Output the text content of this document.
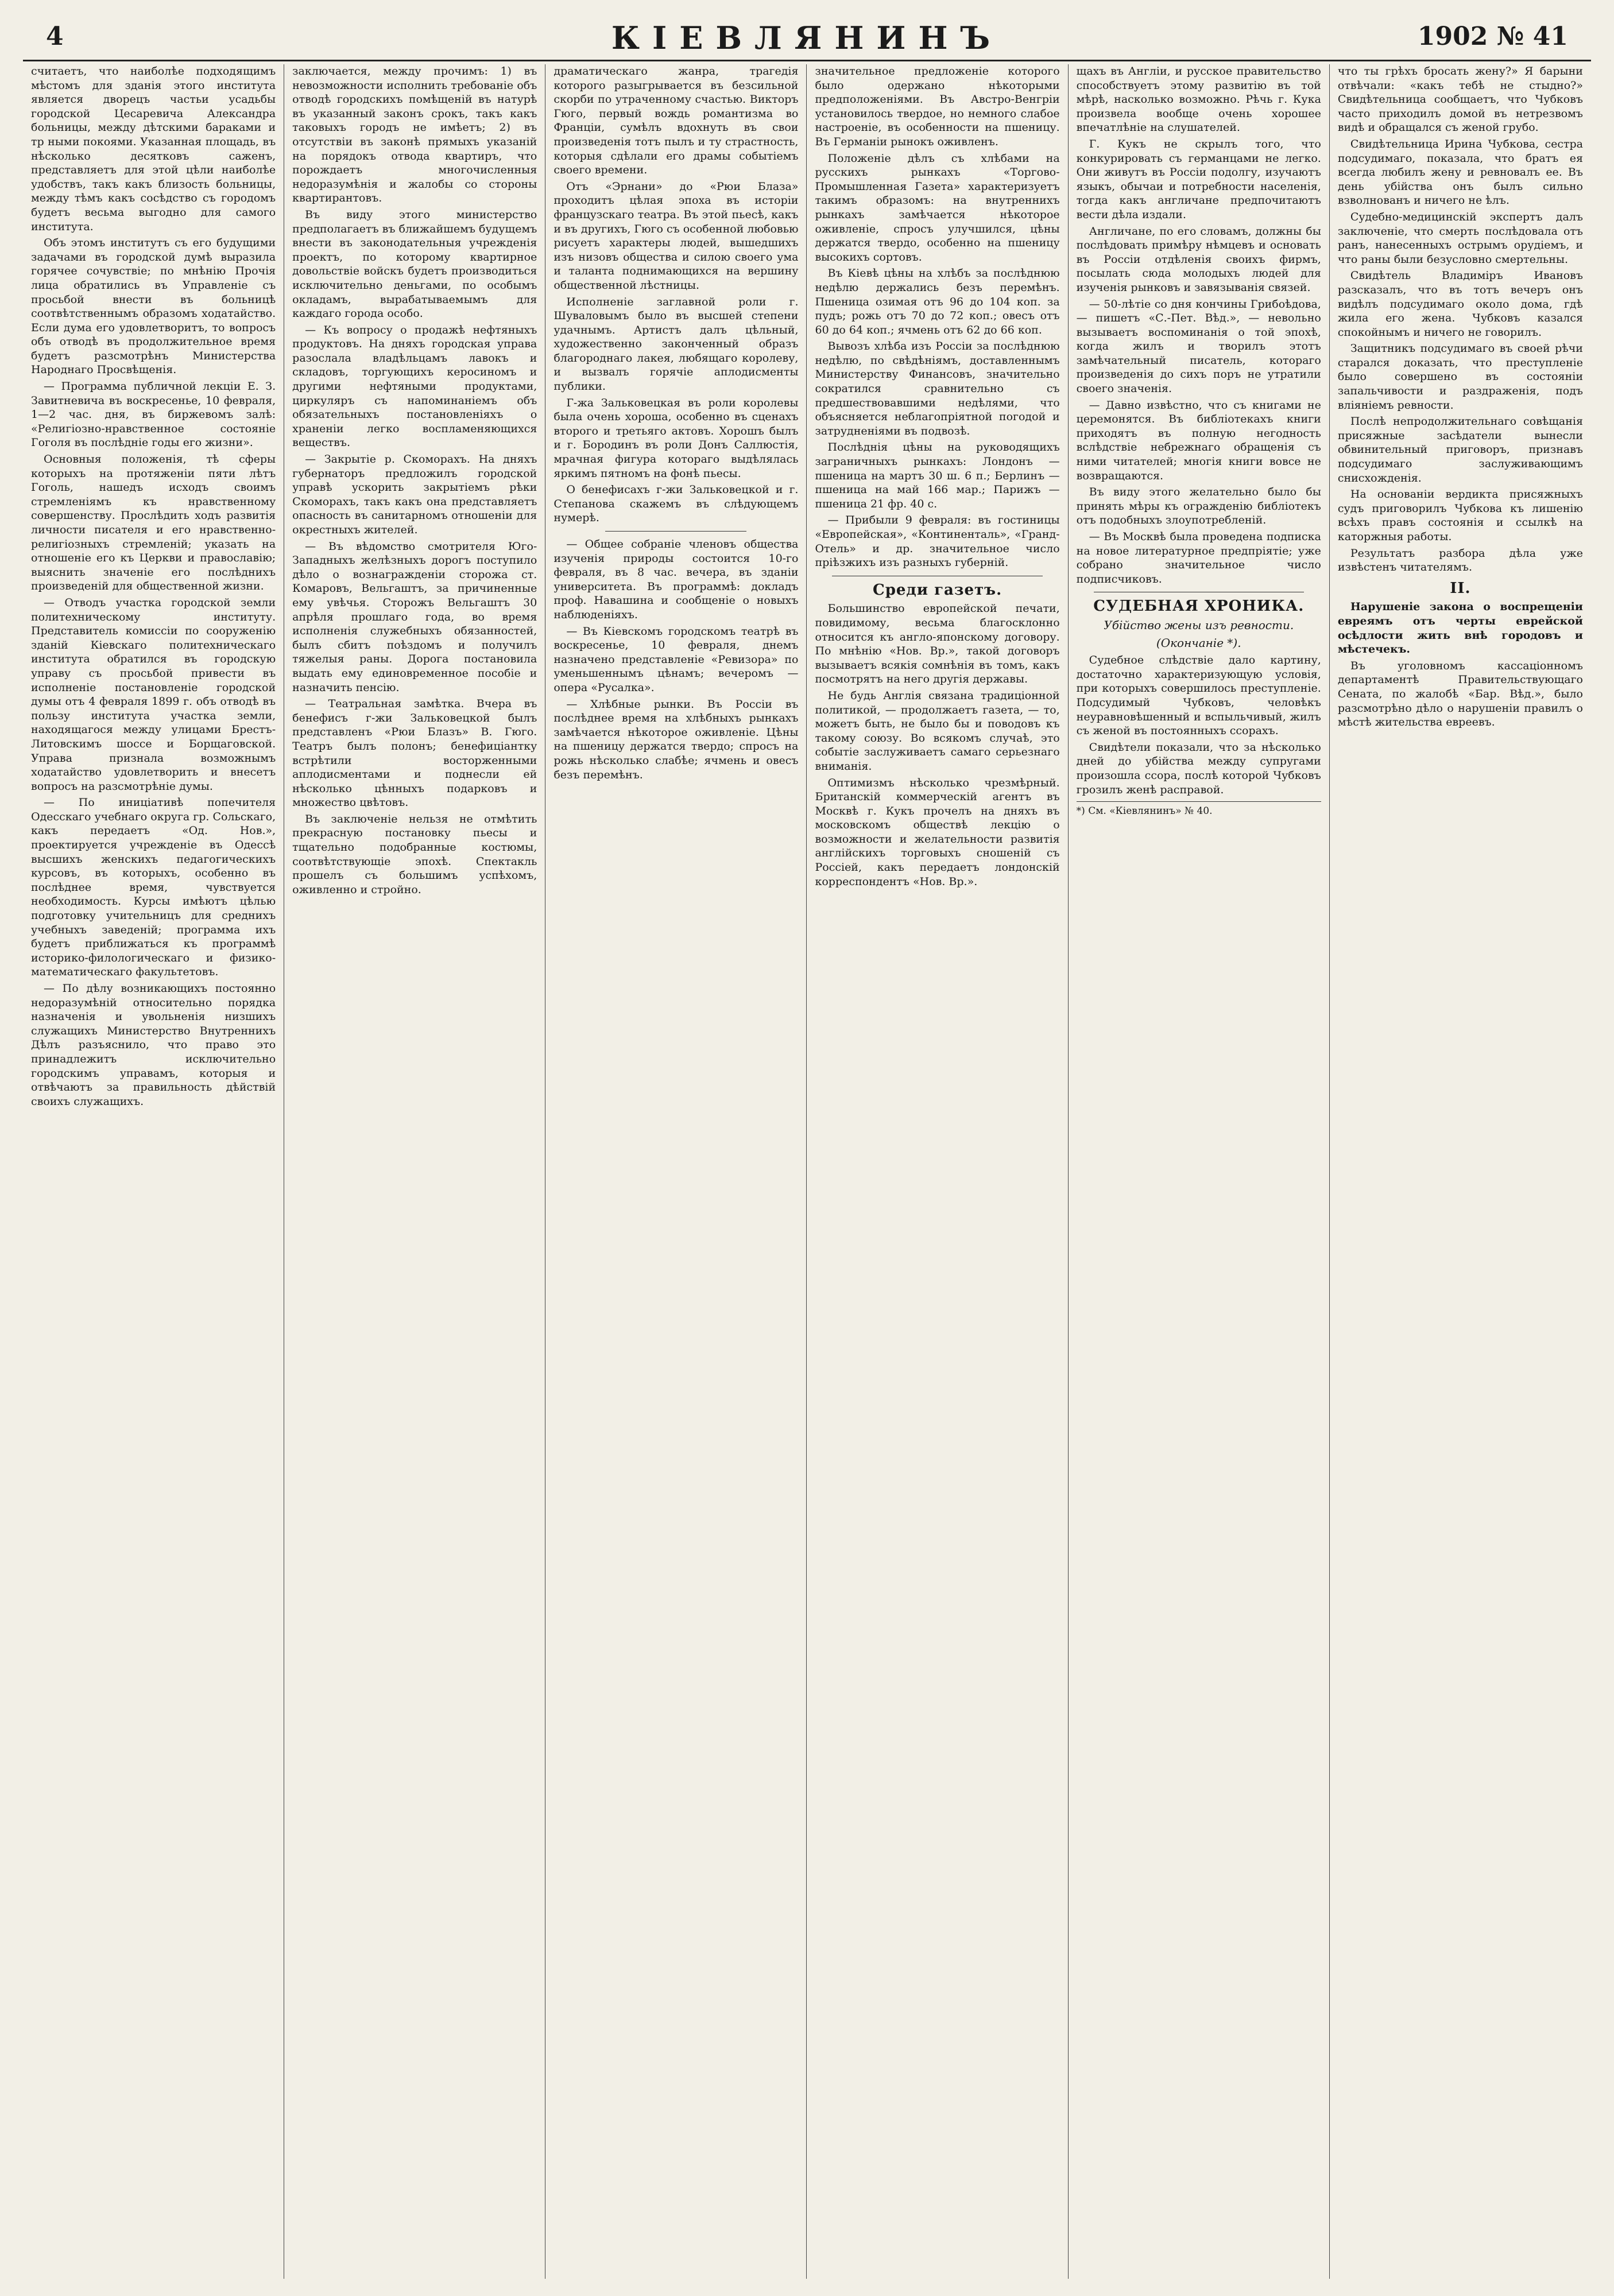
4	КІЕВЛЯНИНЪ	1902 № 41

считаетъ, что наиболѣе подходящимъ мѣстомъ для зданія этого института является дворецъ частьи усадьбы городской Цесаревича Александра больницы, между дѣтскими бараками и тр ными покоями. Указанная площадь, въ нѣсколько десятковъ саженъ, представляетъ для этой цѣли наиболѣе удобствъ, такъ какъ близость больницы, между тѣмъ какъ сосѣдство съ городомъ будетъ весьма выгодно для самого института.

Объ этомъ институтъ съ его будущими задачами въ городской думѣ выразила горячее сочувствіе; по мнѣнію Прочія лица обратились въ Управленіе съ просьбой внести въ больницѣ соотвѣтственнымъ образомъ ходатайство. Если дума его удовлетворитъ, то вопросъ объ отводѣ въ продолжительное время будетъ разсмотрѣнъ Министерства Народнаго Просвѣщенія.

— Программа публичной лекціи Е. З. Завитневича въ воскресенье, 10 февраля, 1—2 час. дня, въ биржевомъ залѣ: «Религіозно-нравственное состояніе Гоголя въ послѣдніе годы его жизни».

Основныя положенія, тѣ сферы которыхъ на протяженіи пяти лѣтъ Гоголь, нашедъ исходъ своимъ стремленіямъ къ нравственному совершенству. Прослѣдить ходъ развитія личности писателя и его нравственно-религіозныхъ стремленій; указать на отношеніе его къ Церкви и православію; выяснить значеніе его послѣднихъ произведеній для общественной жизни.

— Отводъ участка городской земли политехническому институту. Представитель комиссіи по сооруженію зданій Кіевскаго политехническаго института обратился въ городскую управу съ просьбой привести въ исполненіе постановленіе городской думы отъ 4 февраля 1899 г. объ отводѣ въ пользу института участка земли, находящагося между улицами Брестъ-Литовскимъ шоссе и Борщаговской. Управа признала возможнымъ ходатайство удовлетворить и внесетъ вопросъ на разсмотрѣніе думы.

— По иниціативѣ попечителя Одесскаго учебнаго округа гр. Сольскаго, какъ передаетъ «Од. Нов.», проектируется учрежденіе въ Одессѣ высшихъ женскихъ педагогическихъ курсовъ, въ которыхъ, особенно въ послѣднее время, чувствуется необходимость. Курсы имѣютъ цѣлью подготовку учительницъ для среднихъ учебныхъ заведеній; программа ихъ будетъ приближаться къ программѣ историко-филологическаго и физико-математическаго факультетовъ.

— По дѣлу возникающихъ постоянно недоразумѣній относительно порядка назначенія и увольненія низшихъ служащихъ Министерство Внутреннихъ Дѣлъ разъяснило, что право это принадлежитъ исключительно городскимъ управамъ, которыя и отвѣчаютъ за правильность дѣйствій своихъ служащихъ.

заключается, между прочимъ: 1) въ невозможности исполнить требованіе объ отводѣ городскихъ помѣщеній въ натурѣ въ указанный законъ срокъ, такъ какъ таковыхъ городъ не имѣетъ; 2) въ отсутствіи въ законѣ прямыхъ указаній на порядокъ отвода квартиръ, что порождаетъ многочисленныя недоразумѣнія и жалобы со стороны квартирантовъ.

Въ виду этого министерство предполагаетъ въ ближайшемъ будущемъ внести въ законодательныя учрежденія проектъ, по которому квартирное довольствіе войскъ будетъ производиться исключительно деньгами, по особымъ окладамъ, вырабатываемымъ для каждаго города особо.

— Къ вопросу о продажѣ нефтяныхъ продуктовъ. На дняхъ городская управа разослала владѣльцамъ лавокъ и складовъ, торгующихъ керосиномъ и другими нефтяными продуктами, циркуляръ съ напоминаніемъ объ обязательныхъ постановленіяхъ о храненіи легко воспламеняющихся веществъ.

— Закрытіе р. Скоморахъ. На дняхъ губернаторъ предложилъ городской управѣ ускорить закрытіемъ рѣки Скоморахъ, такъ какъ она представляетъ опасность въ санитарномъ отношеніи для окрестныхъ жителей.

— Въ вѣдомство смотрителя Юго-Западныхъ желѣзныхъ дорогъ поступило дѣло о вознагражденіи сторожа ст. Комаровъ, Вельгаштъ, за причиненные ему увѣчья. Сторожъ Вельгаштъ 30 апрѣля прошлаго года, во время исполненія служебныхъ обязанностей, былъ сбитъ поѣздомъ и получилъ тяжелыя раны. Дорога постановила выдать ему единовременное пособіе и назначить пенсію.

— Театральная замѣтка. Вчера въ бенефисъ г-жи Зальковецкой былъ представленъ «Рюи Блазъ» В. Гюго. Театръ былъ полонъ; бенефиціантку встрѣтили восторженными аплодисментами и поднесли ей нѣсколько цѣнныхъ подарковъ и множество цвѣтовъ.

Въ заключеніе нельзя не отмѣтить прекрасную постановку пьесы и тщательно подобранные костюмы, соотвѣтствующіе эпохѣ. Спектакль прошелъ съ большимъ успѣхомъ, оживленно и стройно.

драматическаго жанра, трагедія которого разыгрывается въ безсильной скорби по утраченному счастью. Викторъ Гюго, первый вождь романтизма во Франціи, сумѣлъ вдохнуть въ свои произведенія тотъ пылъ и ту страстность, которыя сдѣлали его драмы событіемъ своего времени.

Отъ «Эрнани» до «Рюи Блаза» проходитъ цѣлая эпоха въ исторіи французскаго театра. Въ этой пьесѣ, какъ и въ другихъ, Гюго съ особенной любовью рисуетъ характеры людей, вышедшихъ изъ низовъ общества и силою своего ума и таланта поднимающихся на вершину общественной лѣстницы.

Исполненіе заглавной роли г. Шуваловымъ было въ высшей степени удачнымъ. Артистъ далъ цѣльный, художественно законченный образъ благороднаго лакея, любящаго королеву, и вызвалъ горячіе аплодисменты публики.

Г-жа Зальковецкая въ роли королевы была очень хороша, особенно въ сценахъ второго и третьяго актовъ. Хорошъ былъ и г. Бородинъ въ роли Донъ Саллюстія, мрачная фигура котораго выдѣлялась яркимъ пятномъ на фонѣ пьесы.

О бенефисахъ г-жи Зальковецкой и г. Степанова скажемъ въ слѣдующемъ нумерѣ.

— Общее собраніе членовъ общества изученія природы состоится 10-го февраля, въ 8 час. вечера, въ зданіи университета. Въ программѣ: докладъ проф. Навашина и сообщеніе о новыхъ наблюденіяхъ.

— Въ Кіевскомъ городскомъ театрѣ въ воскресенье, 10 февраля, днемъ назначено представленіе «Ревизора» по уменьшеннымъ цѣнамъ; вечеромъ — опера «Русалка».

— Хлѣбные рынки. Въ Россіи въ послѣднее время на хлѣбныхъ рынкахъ замѣчается нѣкоторое оживленіе. Цѣны на пшеницу держатся твердо; спросъ на рожь нѣсколько слабѣе; ячмень и овесъ безъ перемѣнъ.

значительное предложеніе которого было одержано нѣкоторыми предположеніями. Въ Австро-Венгріи установилось твердое, но немного слабое настроеніе, въ особенности на пшеницу. Въ Германіи рынокъ оживленъ.

Положеніе дѣлъ съ хлѣбами на русскихъ рынкахъ «Торгово-Промышленная Газета» характеризуетъ такимъ образомъ: на внутреннихъ рынкахъ замѣчается нѣкоторое оживленіе, спросъ улучшился, цѣны держатся твердо, особенно на пшеницу высокихъ сортовъ.

Въ Кіевѣ цѣны на хлѣбъ за послѣднюю недѣлю держались безъ перемѣнъ. Пшеница озимая отъ 96 до 104 коп. за пудъ; рожь отъ 70 до 72 коп.; овесъ отъ 60 до 64 коп.; ячмень отъ 62 до 66 коп.

Вывозъ хлѣба изъ Россіи за послѣднюю недѣлю, по свѣдѣніямъ, доставленнымъ Министерству Финансовъ, значительно сократился сравнительно съ предшествовавшими недѣлями, что объясняется неблагопріятной погодой и затрудненіями въ подвозѣ.

Послѣднія цѣны на руководящихъ заграничныхъ рынкахъ: Лондонъ — пшеница на мартъ 30 ш. 6 п.; Берлинъ — пшеница на май 166 мар.; Парижъ — пшеница 21 фр. 40 с.

— Прибыли 9 февраля: въ гостиницы «Европейская», «Континенталь», «Гранд-Отель» и др. значительное число пріѣзжихъ изъ разныхъ губерній.

Среди газетъ.

Большинство европейской печати, повидимому, весьма благосклонно относится къ англо-японскому договору. По мнѣнію «Нов. Вр.», такой договоръ вызываетъ всякія сомнѣнія въ томъ, какъ посмотрятъ на него другія державы.

Не будь Англія связана традиціонной политикой, — продолжаетъ газета, — то, можетъ быть, не было бы и поводовъ къ такому союзу. Во всякомъ случаѣ, это событіе заслуживаетъ самаго серьезнаго вниманія.

Оптимизмъ нѣсколько чрезмѣрный. Британскій коммерческій агентъ въ Москвѣ г. Кукъ прочелъ на дняхъ въ московскомъ обществѣ лекцію о возможности и желательности развитія англійскихъ торговыхъ сношеній съ Россіей, какъ передаетъ лондонскій корреспондентъ «Нов. Вр.».

щахъ въ Англіи, и русское правительство способствуетъ этому развитію въ той мѣрѣ, насколько возможно. Рѣчь г. Кука произвела вообще очень хорошее впечатлѣніе на слушателей.

Г. Кукъ не скрылъ того, что конкурировать съ германцами не легко. Они живутъ въ Россіи подолгу, изучаютъ языкъ, обычаи и потребности населенія, тогда какъ англичане предпочитаютъ вести дѣла издали.

Англичане, по его словамъ, должны бы послѣдовать примѣру нѣмцевъ и основать въ Россіи отдѣленія своихъ фирмъ, посылать сюда молодыхъ людей для изученія рынковъ и завязыванія связей.

— 50-лѣтіе со дня кончины Грибоѣдова, — пишетъ «С.-Пет. Вѣд.», — невольно вызываетъ воспоминанія о той эпохѣ, когда жилъ и творилъ этотъ замѣчательный писатель, котораго произведенія до сихъ поръ не утратили своего значенія.

— Давно извѣстно, что съ книгами не церемонятся. Въ библіотекахъ книги приходятъ въ полную негодность вслѣдствіе небрежнаго обращенія съ ними читателей; многія книги вовсе не возвращаются.

Въ виду этого желательно было бы принять мѣры къ огражденію библіотекъ отъ подобныхъ злоупотребленій.

— Въ Москвѣ была проведена подписка на новое литературное предпріятіе; уже собрано значительное число подписчиковъ.

СУДЕБНАЯ ХРОНИКА.
Убійство жены изъ ревности.
(Окончаніе *).

Судебное слѣдствіе дало картину, достаточно характеризующую условія, при которыхъ совершилось преступленіе. Подсудимый Чубковъ, человѣкъ неуравновѣшенный и вспыльчивый, жилъ съ женой въ постоянныхъ ссорахъ.

Свидѣтели показали, что за нѣсколько дней до убійства между супругами произошла ссора, послѣ которой Чубковъ грозилъ женѣ расправой.

*) См. «Кіевлянинъ» № 40.

что ты грѣхъ бросать жену?» Я барыни отвѣчали: «какъ тебѣ не стыдно?» Свидѣтельница сообщаетъ, что Чубковъ часто приходилъ домой въ нетрезвомъ видѣ и обращался съ женой грубо.

Свидѣтельница Ирина Чубкова, сестра подсудимаго, показала, что братъ ея всегда любилъ жену и ревновалъ ее. Въ день убійства онъ былъ сильно взволнованъ и ничего не ѣлъ.

Судебно-медицинскій экспертъ далъ заключеніе, что смерть послѣдовала отъ ранъ, нанесенныхъ острымъ орудіемъ, и что раны были безусловно смертельны.

Свидѣтель Владиміръ Ивановъ разсказалъ, что въ тотъ вечеръ онъ видѣлъ подсудимаго около дома, гдѣ жила его жена. Чубковъ казался спокойнымъ и ничего не говорилъ.

Защитникъ подсудимаго въ своей рѣчи старался доказать, что преступленіе было совершено въ состояніи запальчивости и раздраженія, подъ вліяніемъ ревности.

Послѣ непродолжительнаго совѣщанія присяжные засѣдатели вынесли обвинительный приговоръ, признавъ подсудимаго заслуживающимъ снисхожденія.

На основаніи вердикта присяжныхъ судъ приговорилъ Чубкова къ лишенію всѣхъ правъ состоянія и ссылкѣ на каторжныя работы.

Результатъ разбора дѣла уже извѣстенъ читателямъ.

II.

Нарушеніе закона о воспрещеніи евреямъ отъ черты еврейской осѣдлости жить внѣ городовъ и мѣстечекъ.

Въ уголовномъ кассаціонномъ департаментѣ Правительствующаго Сената, по жалобѣ «Бар. Вѣд.», было разсмотрѣно дѣло о нарушеніи правилъ о мѣстѣ жительства евреевъ.
